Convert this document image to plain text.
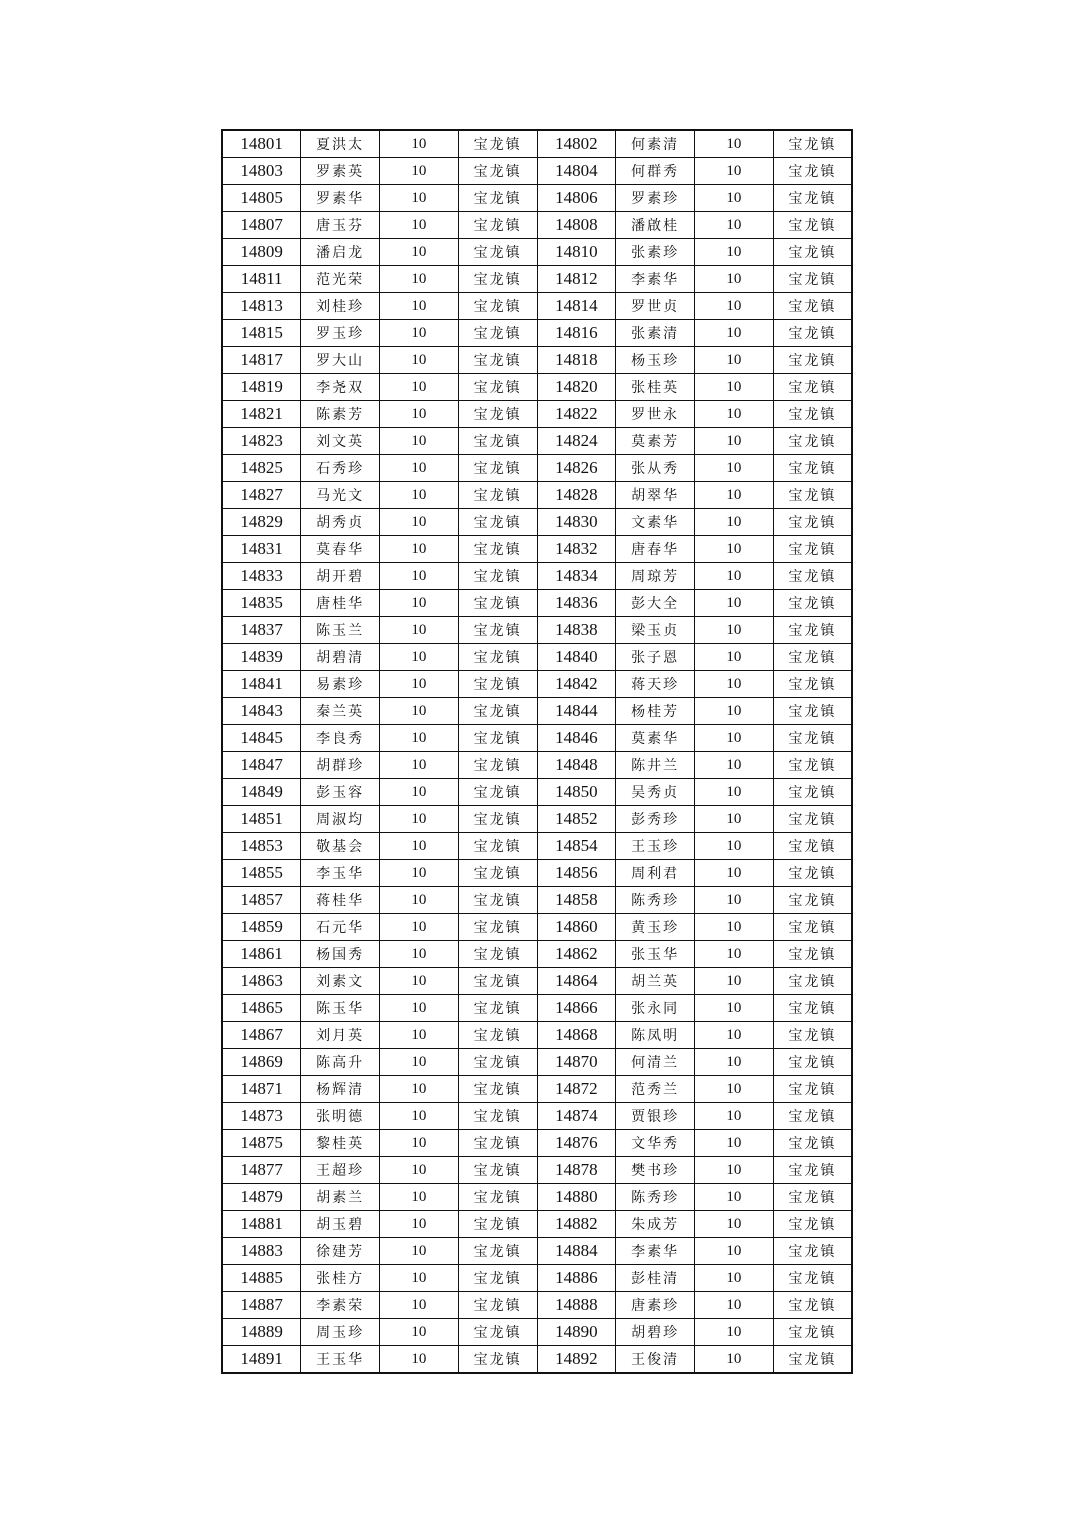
14801	夏洪太	10	宝龙镇	14802	何素清	10	宝龙镇
14803	罗素英	10	宝龙镇	14804	何群秀	10	宝龙镇
14805	罗素华	10	宝龙镇	14806	罗素珍	10	宝龙镇
14807	唐玉芬	10	宝龙镇	14808	潘啟桂	10	宝龙镇
14809	潘启龙	10	宝龙镇	14810	张素珍	10	宝龙镇
14811	范光荣	10	宝龙镇	14812	李素华	10	宝龙镇
14813	刘桂珍	10	宝龙镇	14814	罗世贞	10	宝龙镇
14815	罗玉珍	10	宝龙镇	14816	张素清	10	宝龙镇
14817	罗大山	10	宝龙镇	14818	杨玉珍	10	宝龙镇
14819	李尧双	10	宝龙镇	14820	张桂英	10	宝龙镇
14821	陈素芳	10	宝龙镇	14822	罗世永	10	宝龙镇
14823	刘文英	10	宝龙镇	14824	莫素芳	10	宝龙镇
14825	石秀珍	10	宝龙镇	14826	张从秀	10	宝龙镇
14827	马光文	10	宝龙镇	14828	胡翠华	10	宝龙镇
14829	胡秀贞	10	宝龙镇	14830	文素华	10	宝龙镇
14831	莫春华	10	宝龙镇	14832	唐春华	10	宝龙镇
14833	胡开碧	10	宝龙镇	14834	周琼芳	10	宝龙镇
14835	唐桂华	10	宝龙镇	14836	彭大全	10	宝龙镇
14837	陈玉兰	10	宝龙镇	14838	梁玉贞	10	宝龙镇
14839	胡碧清	10	宝龙镇	14840	张子恩	10	宝龙镇
14841	易素珍	10	宝龙镇	14842	蒋天珍	10	宝龙镇
14843	秦兰英	10	宝龙镇	14844	杨桂芳	10	宝龙镇
14845	李良秀	10	宝龙镇	14846	莫素华	10	宝龙镇
14847	胡群珍	10	宝龙镇	14848	陈井兰	10	宝龙镇
14849	彭玉容	10	宝龙镇	14850	吴秀贞	10	宝龙镇
14851	周淑均	10	宝龙镇	14852	彭秀珍	10	宝龙镇
14853	敬基会	10	宝龙镇	14854	王玉珍	10	宝龙镇
14855	李玉华	10	宝龙镇	14856	周利君	10	宝龙镇
14857	蒋桂华	10	宝龙镇	14858	陈秀珍	10	宝龙镇
14859	石元华	10	宝龙镇	14860	黄玉珍	10	宝龙镇
14861	杨国秀	10	宝龙镇	14862	张玉华	10	宝龙镇
14863	刘素文	10	宝龙镇	14864	胡兰英	10	宝龙镇
14865	陈玉华	10	宝龙镇	14866	张永同	10	宝龙镇
14867	刘月英	10	宝龙镇	14868	陈凤明	10	宝龙镇
14869	陈高升	10	宝龙镇	14870	何清兰	10	宝龙镇
14871	杨辉清	10	宝龙镇	14872	范秀兰	10	宝龙镇
14873	张明德	10	宝龙镇	14874	贾银珍	10	宝龙镇
14875	黎桂英	10	宝龙镇	14876	文华秀	10	宝龙镇
14877	王超珍	10	宝龙镇	14878	樊书珍	10	宝龙镇
14879	胡素兰	10	宝龙镇	14880	陈秀珍	10	宝龙镇
14881	胡玉碧	10	宝龙镇	14882	朱成芳	10	宝龙镇
14883	徐建芳	10	宝龙镇	14884	李素华	10	宝龙镇
14885	张桂方	10	宝龙镇	14886	彭桂清	10	宝龙镇
14887	李素荣	10	宝龙镇	14888	唐素珍	10	宝龙镇
14889	周玉珍	10	宝龙镇	14890	胡碧珍	10	宝龙镇
14891	王玉华	10	宝龙镇	14892	王俊清	10	宝龙镇
